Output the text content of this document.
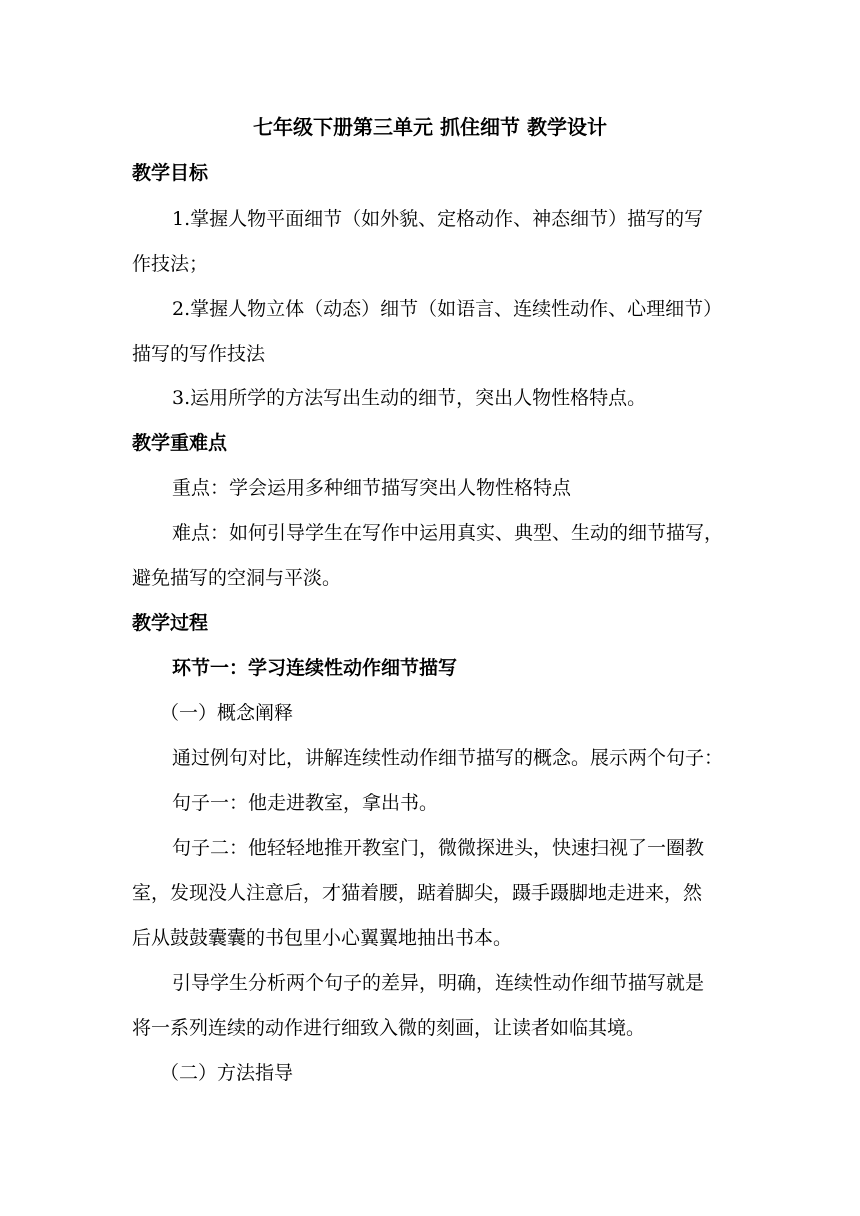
七年级下册第三单元 抓住细节 教学设计
教学目标
1.掌握人物平面细节（如外貌、定格动作、神态细节）描写的写
作技法；
2.掌握人物立体（动态）细节（如语言、连续性动作、心理细节）
描写的写作技法
3.运用所学的方法写出生动的细节，突出人物性格特点。
教学重难点
重点：学会运用多种细节描写突出人物性格特点
难点：如何引导学生在写作中运用真实、典型、生动的细节描写，
避免描写的空洞与平淡。
教学过程
环节一：学习连续性动作细节描写
（一）概念阐释
通过例句对比，讲解连续性动作细节描写的概念。展示两个句子：
句子一：他走进教室，拿出书。
句子二：他轻轻地推开教室门，微微探进头，快速扫视了一圈教
室，发现没人注意后，才猫着腰，踮着脚尖，蹑手蹑脚地走进来，然
后从鼓鼓囊囊的书包里小心翼翼地抽出书本。
引导学生分析两个句子的差异，明确，连续性动作细节描写就是
将一系列连续的动作进行细致入微的刻画，让读者如临其境。
（二）方法指导
